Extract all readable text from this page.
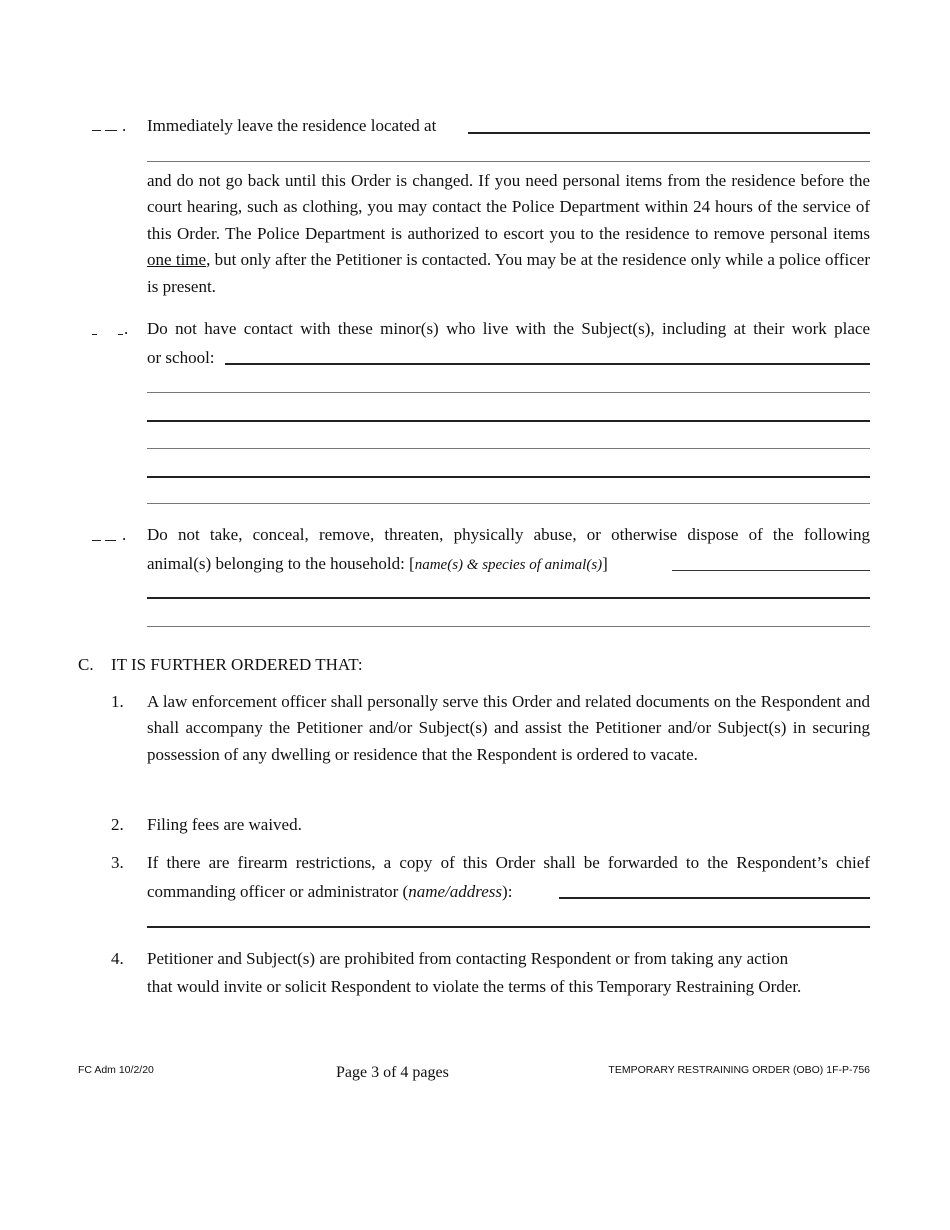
. Immediately leave the residence located at
and do not go back until this Order is changed. If you need personal items from the residence before the court hearing, such as clothing, you may contact the Police Department within 24 hours of the service of this Order. The Police Department is authorized to escort you to the residence to remove personal items one time, but only after the Petitioner is contacted. You may be at the residence only while a police officer is present.
. Do not have contact with these minor(s) who live with the Subject(s), including at their work place
or school:
. Do not take, conceal, remove, threaten, physically abuse, or otherwise dispose of the following
animal(s) belonging to the household: [name(s) & species of animal(s)]
C. IT IS FURTHER ORDERED THAT:
1. A law enforcement officer shall personally serve this Order and related documents on the Respondent and shall accompany the Petitioner and/or Subject(s) and assist the Petitioner and/or Subject(s) in securing possession of any dwelling or residence that the Respondent is ordered to vacate.
2. Filing fees are waived.
3. If there are firearm restrictions, a copy of this Order shall be forwarded to the Respondent’s chief
commanding officer or administrator (name/address):
4. Petitioner and Subject(s) are prohibited from contacting Respondent or from taking any action
that would invite or solicit Respondent to violate the terms of this Temporary Restraining Order.
FC Adm 10/2/20	Page 3 of 4 pages	TEMPORARY RESTRAINING ORDER (OBO) 1F-P-756
